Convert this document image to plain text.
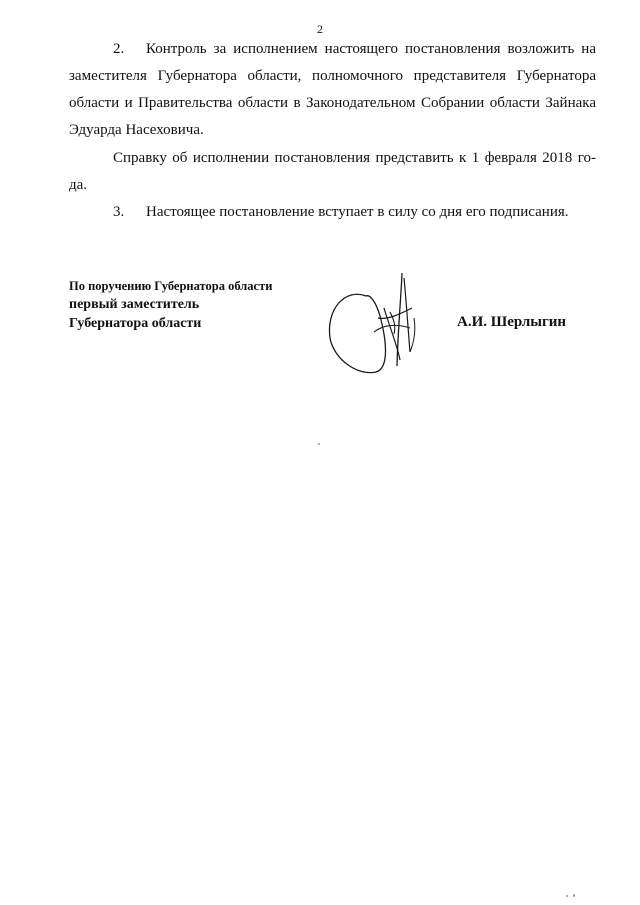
2

2. Контроль за исполнением настоящего постановления возложить на

заместителя Губернатора области, полномочного представителя Губернатора

области и Правительства области в Законодательном Собрании области Зайнака

Эдуарда Насеховича.

Справку об исполнении постановления представить к 1 февраля 2018 го-

да.

3. Настоящее постановление вступает в силу со дня его подписания.

По поручению Губернатора области
первый заместитель
Губернатора области	А.И. Шерлыгин
